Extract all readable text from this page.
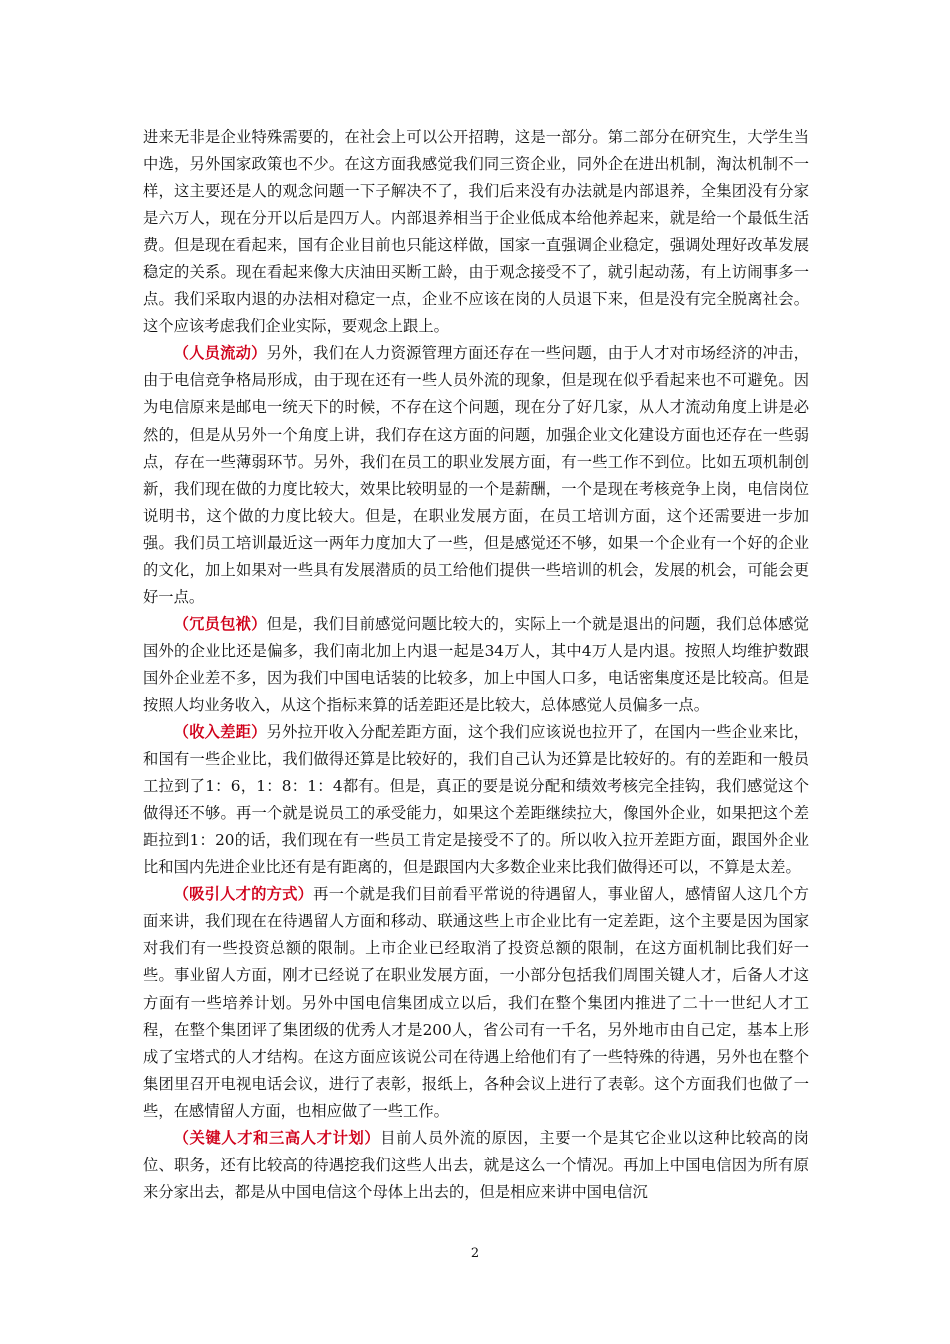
进来无非是企业特殊需要的，在社会上可以公开招聘，这是一部分。第二部分在研究生，大学生当中选，另外国家政策也不少。在这方面我感觉我们同三资企业，同外企在进出机制，淘汰机制不一样，这主要还是人的观念问题一下子解决不了，我们后来没有办法就是内部退养，全集团没有分家是六万人，现在分开以后是四万人。内部退养相当于企业低成本给他养起来，就是给一个最低生活费。但是现在看起来，国有企业目前也只能这样做，国家一直强调企业稳定，强调处理好改革发展稳定的关系。现在看起来像大庆油田买断工龄，由于观念接受不了，就引起动荡，有上访闹事多一点。我们采取内退的办法相对稳定一点，企业不应该在岗的人员退下来，但是没有完全脱离社会。这个应该考虑我们企业实际，要观念上跟上。

（人员流动）另外，我们在人力资源管理方面还存在一些问题，由于人才对市场经济的冲击，由于电信竞争格局形成，由于现在还有一些人员外流的现象，但是现在似乎看起来也不可避免。因为电信原来是邮电一统天下的时候，不存在这个问题，现在分了好几家，从人才流动角度上讲是必然的，但是从另外一个角度上讲，我们存在这方面的问题，加强企业文化建设方面也还存在一些弱点，存在一些薄弱环节。另外，我们在员工的职业发展方面，有一些工作不到位。比如五项机制创新，我们现在做的力度比较大，效果比较明显的一个是薪酬，一个是现在考核竞争上岗，电信岗位说明书，这个做的力度比较大。但是，在职业发展方面，在员工培训方面，这个还需要进一步加强。我们员工培训最近这一两年力度加大了一些，但是感觉还不够，如果一个企业有一个好的企业的文化，加上如果对一些具有发展潜质的员工给他们提供一些培训的机会，发展的机会，可能会更好一点。

（冗员包袱）但是，我们目前感觉问题比较大的，实际上一个就是退出的问题，我们总体感觉国外的企业比还是偏多，我们南北加上内退一起是34万人，其中4万人是内退。按照人均维护数跟国外企业差不多，因为我们中国电话装的比较多，加上中国人口多，电话密集度还是比较高。但是按照人均业务收入，从这个指标来算的话差距还是比较大，总体感觉人员偏多一点。

（收入差距）另外拉开收入分配差距方面，这个我们应该说也拉开了，在国内一些企业来比，和国有一些企业比，我们做得还算是比较好的，我们自己认为还算是比较好的。有的差距和一般员工拉到了1：6，1：8：1：4都有。但是，真正的要是说分配和绩效考核完全挂钩，我们感觉这个做得还不够。再一个就是说员工的承受能力，如果这个差距继续拉大，像国外企业，如果把这个差距拉到1：20的话，我们现在有一些员工肯定是接受不了的。所以收入拉开差距方面，跟国外企业比和国内先进企业比还有是有距离的，但是跟国内大多数企业来比我们做得还可以，不算是太差。

（吸引人才的方式）再一个就是我们目前看平常说的待遇留人，事业留人，感情留人这几个方面来讲，我们现在在待遇留人方面和移动、联通这些上市企业比有一定差距，这个主要是因为国家对我们有一些投资总额的限制。上市企业已经取消了投资总额的限制，在这方面机制比我们好一些。事业留人方面，刚才已经说了在职业发展方面，一小部分包括我们周围关键人才，后备人才这方面有一些培养计划。另外中国电信集团成立以后，我们在整个集团内推进了二十一世纪人才工程，在整个集团评了集团级的优秀人才是200人，省公司有一千名，另外地市由自己定，基本上形成了宝塔式的人才结构。在这方面应该说公司在待遇上给他们有了一些特殊的待遇，另外也在整个集团里召开电视电话会议，进行了表彰，报纸上，各种会议上进行了表彰。这个方面我们也做了一些，在感情留人方面，也相应做了一些工作。

（关键人才和三高人才计划）目前人员外流的原因，主要一个是其它企业以这种比较高的岗位、职务，还有比较高的待遇挖我们这些人出去，就是这么一个情况。再加上中国电信因为所有原来分家出去，都是从中国电信这个母体上出去的，但是相应来讲中国电信沉

2
